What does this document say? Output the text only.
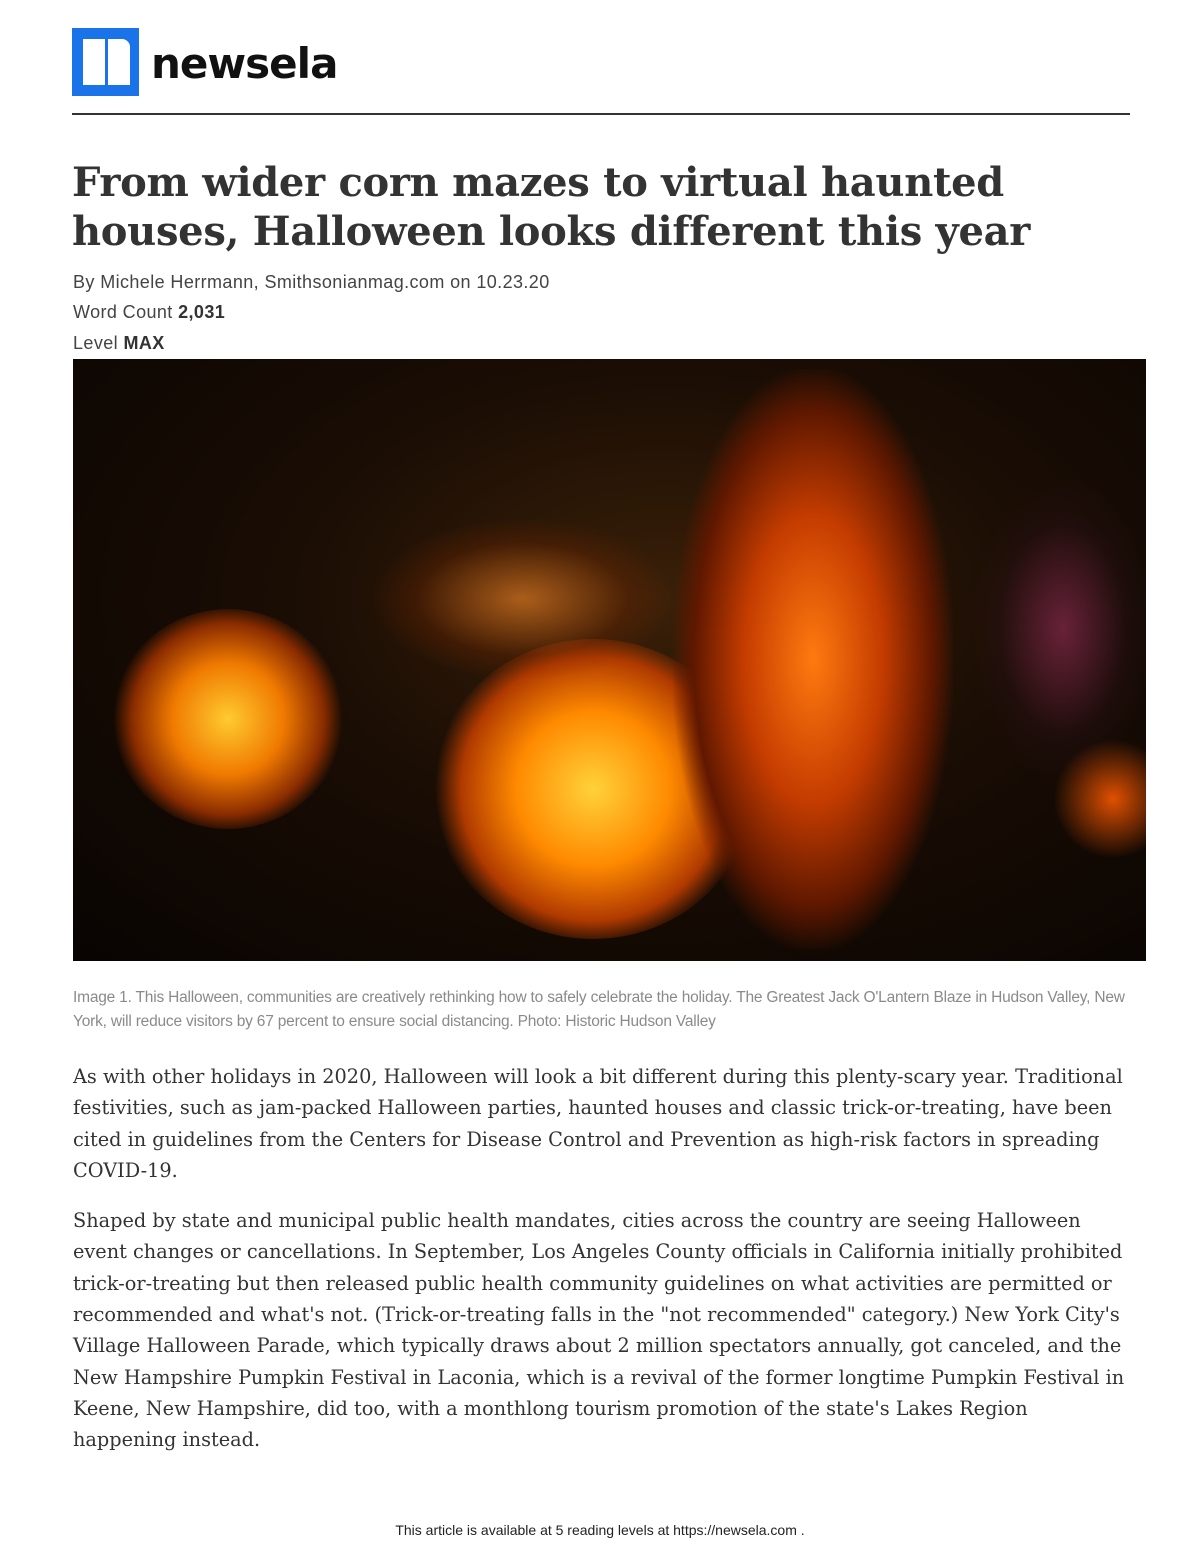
newsela
From wider corn mazes to virtual haunted houses, Halloween looks different this year
By Michele Herrmann, Smithsonianmag.com on 10.23.20
Word Count 2,031
Level MAX
Image 1. This Halloween, communities are creatively rethinking how to safely celebrate the holiday. The Greatest Jack O'Lantern Blaze in Hudson Valley, New York, will reduce visitors by 67 percent to ensure social distancing. Photo: Historic Hudson Valley

As with other holidays in 2020, Halloween will look a bit different during this plenty-scary year. Traditional festivities, such as jam-packed Halloween parties, haunted houses and classic trick-or-treating, have been cited in guidelines from the Centers for Disease Control and Prevention as high-risk factors in spreading COVID-19.

Shaped by state and municipal public health mandates, cities across the country are seeing Halloween event changes or cancellations. In September, Los Angeles County officials in California initially prohibited trick-or-treating but then released public health community guidelines on what activities are permitted or recommended and what's not. (Trick-or-treating falls in the "not recommended" category.) New York City's Village Halloween Parade, which typically draws about 2 million spectators annually, got canceled, and the New Hampshire Pumpkin Festival in Laconia, which is a revival of the former longtime Pumpkin Festival in Keene, New Hampshire, did too, with a monthlong tourism promotion of the state's Lakes Region happening instead.

This article is available at 5 reading levels at https://newsela.com .
